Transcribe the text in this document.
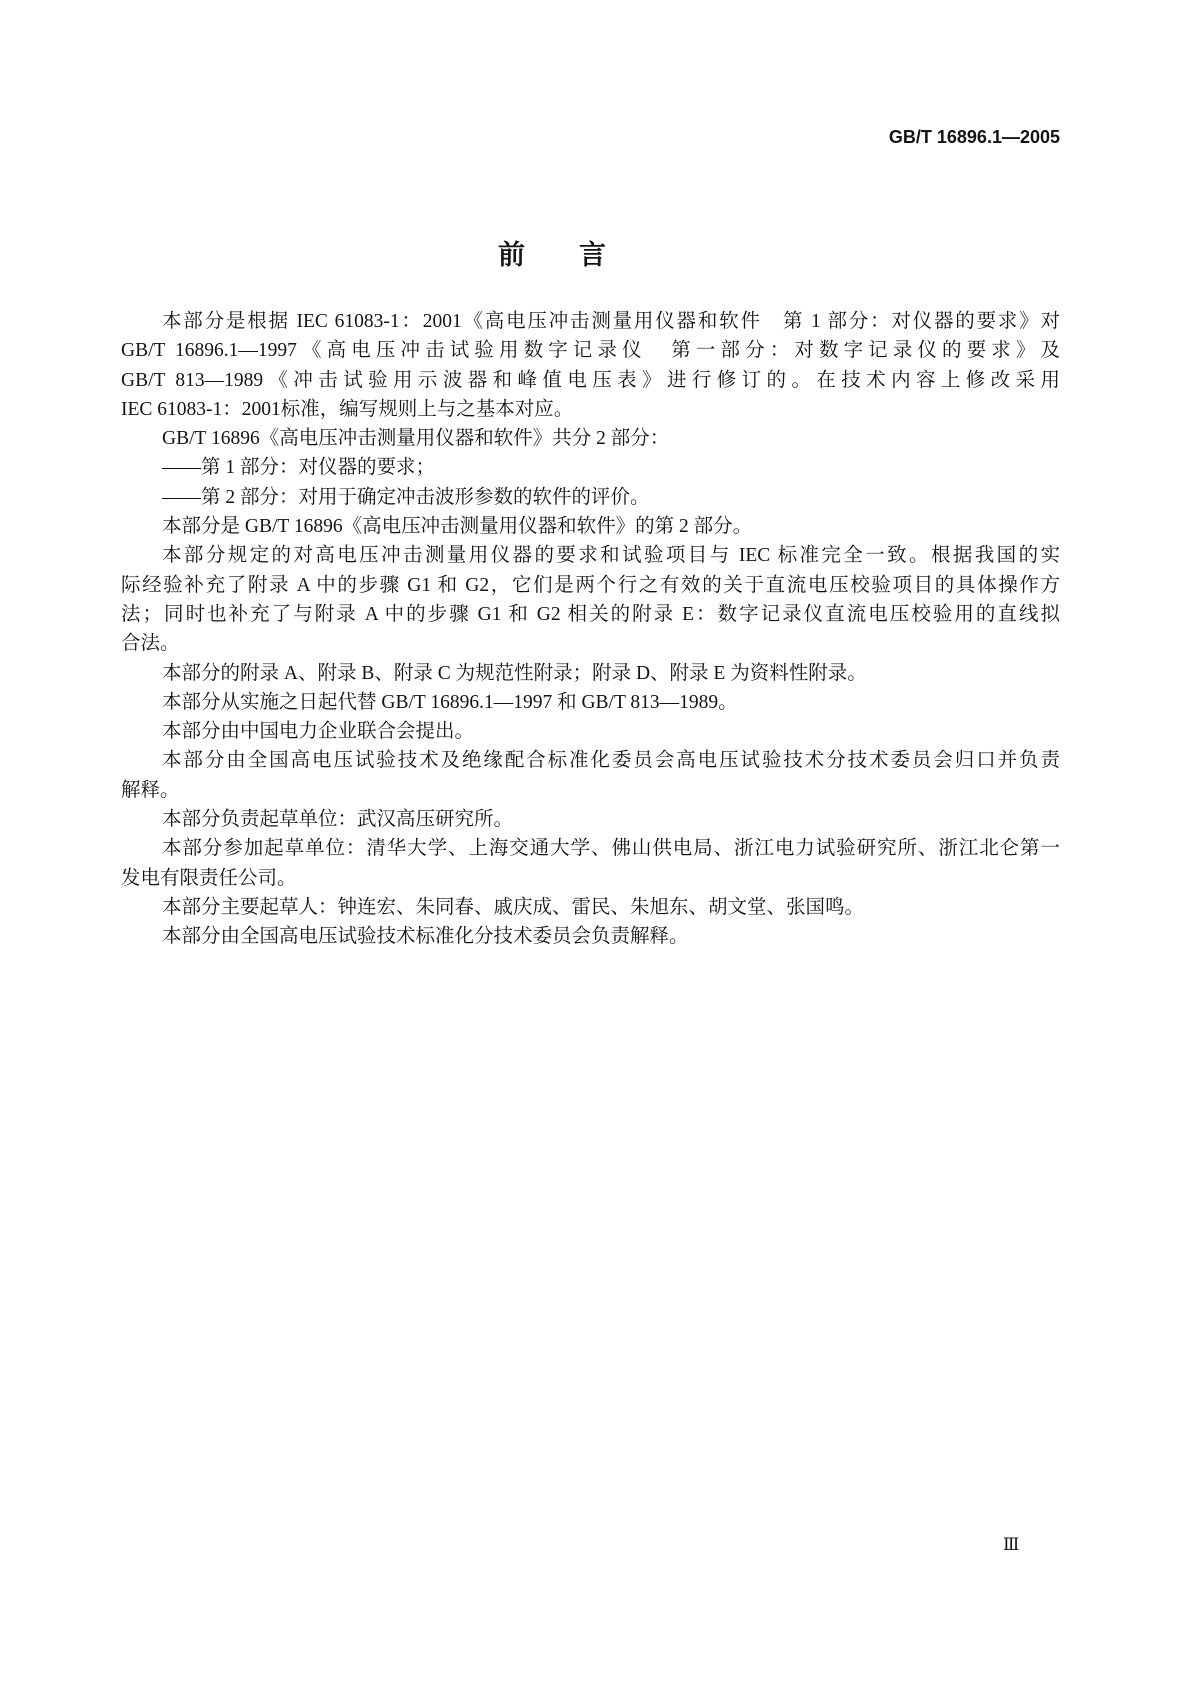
GB/T 16896.1—2005
前　　言
本部分是根据 IEC 61083-1：2001《高电压冲击测量用仪器和软件　第 1 部分：对仪器的要求》对
GB/T 16896.1—1997《高电压冲击试验用数字记录仪　第一部分：对数字记录仪的要求》及
GB/T 813—1989《冲击试验用示波器和峰值电压表》进行修订的。在技术内容上修改采用
IEC 61083-1：2001标准，编写规则上与之基本对应。
GB/T 16896《高电压冲击测量用仪器和软件》共分 2 部分：
——第 1 部分：对仪器的要求；
——第 2 部分：对用于确定冲击波形参数的软件的评价。
本部分是 GB/T 16896《高电压冲击测量用仪器和软件》的第 2 部分。
本部分规定的对高电压冲击测量用仪器的要求和试验项目与 IEC 标准完全一致。根据我国的实
际经验补充了附录 A 中的步骤 G1 和 G2，它们是两个行之有效的关于直流电压校验项目的具体操作方
法；同时也补充了与附录 A 中的步骤 G1 和 G2 相关的附录 E：数字记录仪直流电压校验用的直线拟
合法。
本部分的附录 A、附录 B、附录 C 为规范性附录；附录 D、附录 E 为资料性附录。
本部分从实施之日起代替 GB/T 16896.1—1997 和 GB/T 813—1989。
本部分由中国电力企业联合会提出。
本部分由全国高电压试验技术及绝缘配合标准化委员会高电压试验技术分技术委员会归口并负责
解释。
本部分负责起草单位：武汉高压研究所。
本部分参加起草单位：清华大学、上海交通大学、佛山供电局、浙江电力试验研究所、浙江北仑第一
发电有限责任公司。
本部分主要起草人：钟连宏、朱同春、戚庆成、雷民、朱旭东、胡文堂、张国鸣。
本部分由全国高电压试验技术标准化分技术委员会负责解释。
Ⅲ
